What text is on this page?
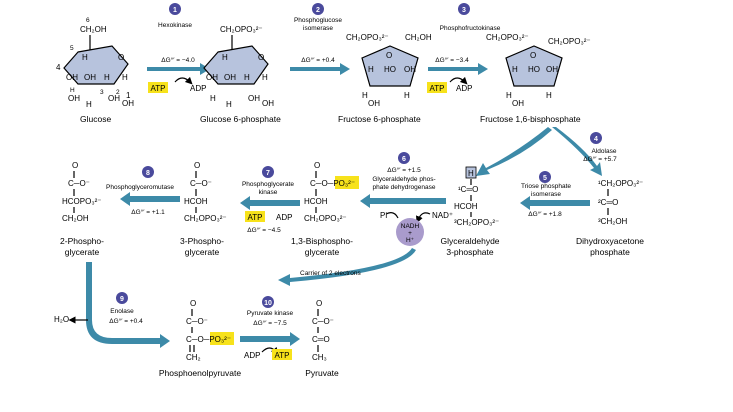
O
6
CH₂OH
5
H
4
OH OH H H
H
OH
H
3 2
OH 1
OH
Glucose
1
Hexokinase
ΔG°′ = −4.0
ATP	ADP
O
CH₂OPO₃²⁻
H
OH OH H H
H
H
OH
OH
Glucose 6-phosphate
2
Phosphoglucose
isomerase
ΔG°′ = +0.4
O
CH₂OPO₃²⁻ CH₂OH
H HO OH
H
OH
H
Fructose 6-phosphate
3
Phosphofructokinase
ΔG°′ = −3.4
ATP ADP
O
CH₂OPO₃²⁻ CH₂OPO₃²⁻
H HO OH
H
OH
H
Fructose 1,6-bisphosphate
4
Aldolase
ΔG°′ = +5.7
¹CH₂OPO₃²⁻
²C═O
³CH₂OH
Dihydroxyacetone
phosphate
5
Triose phosphate
isomerase
ΔG°′ = +1.8
H
¹C═O
HCOH
³CH₂OPO₃²⁻
Glyceraldehyde
3-phosphate
6
ΔG°′ = +1.5
Glyceraldehyde phos-
phate dehydrogenase
Pi	NAD⁺
NADH
+
H⁺
Carrier of 2 electrons
O
C─O─PO₃²⁻
HCOH
CH₂OPO₃²⁻
1,3-Bisphospho-
glycerate
7
Phosphoglycerate
kinase
ATP ADP
ΔG°′ = −4.5
O
C─O⁻
HCOH
CH₂OPO₃²⁻
3-Phospho-
glycerate
8
Phosphoglyceromutase
ΔG°′ = +1.1
O
C─O⁻
HCOPO₃²⁻
CH₂OH
2-Phospho-
glycerate
9
Enolase
ΔG°′ = +0.4
H₂O
O
C─O⁻
C─O─PO₃²⁻
CH₂
Phosphoenolpyruvate
10
Pyruvate kinase
ΔG°′ = −7.5
ADP ATP
O
C─O⁻
C═O
CH₃
Pyruvate
